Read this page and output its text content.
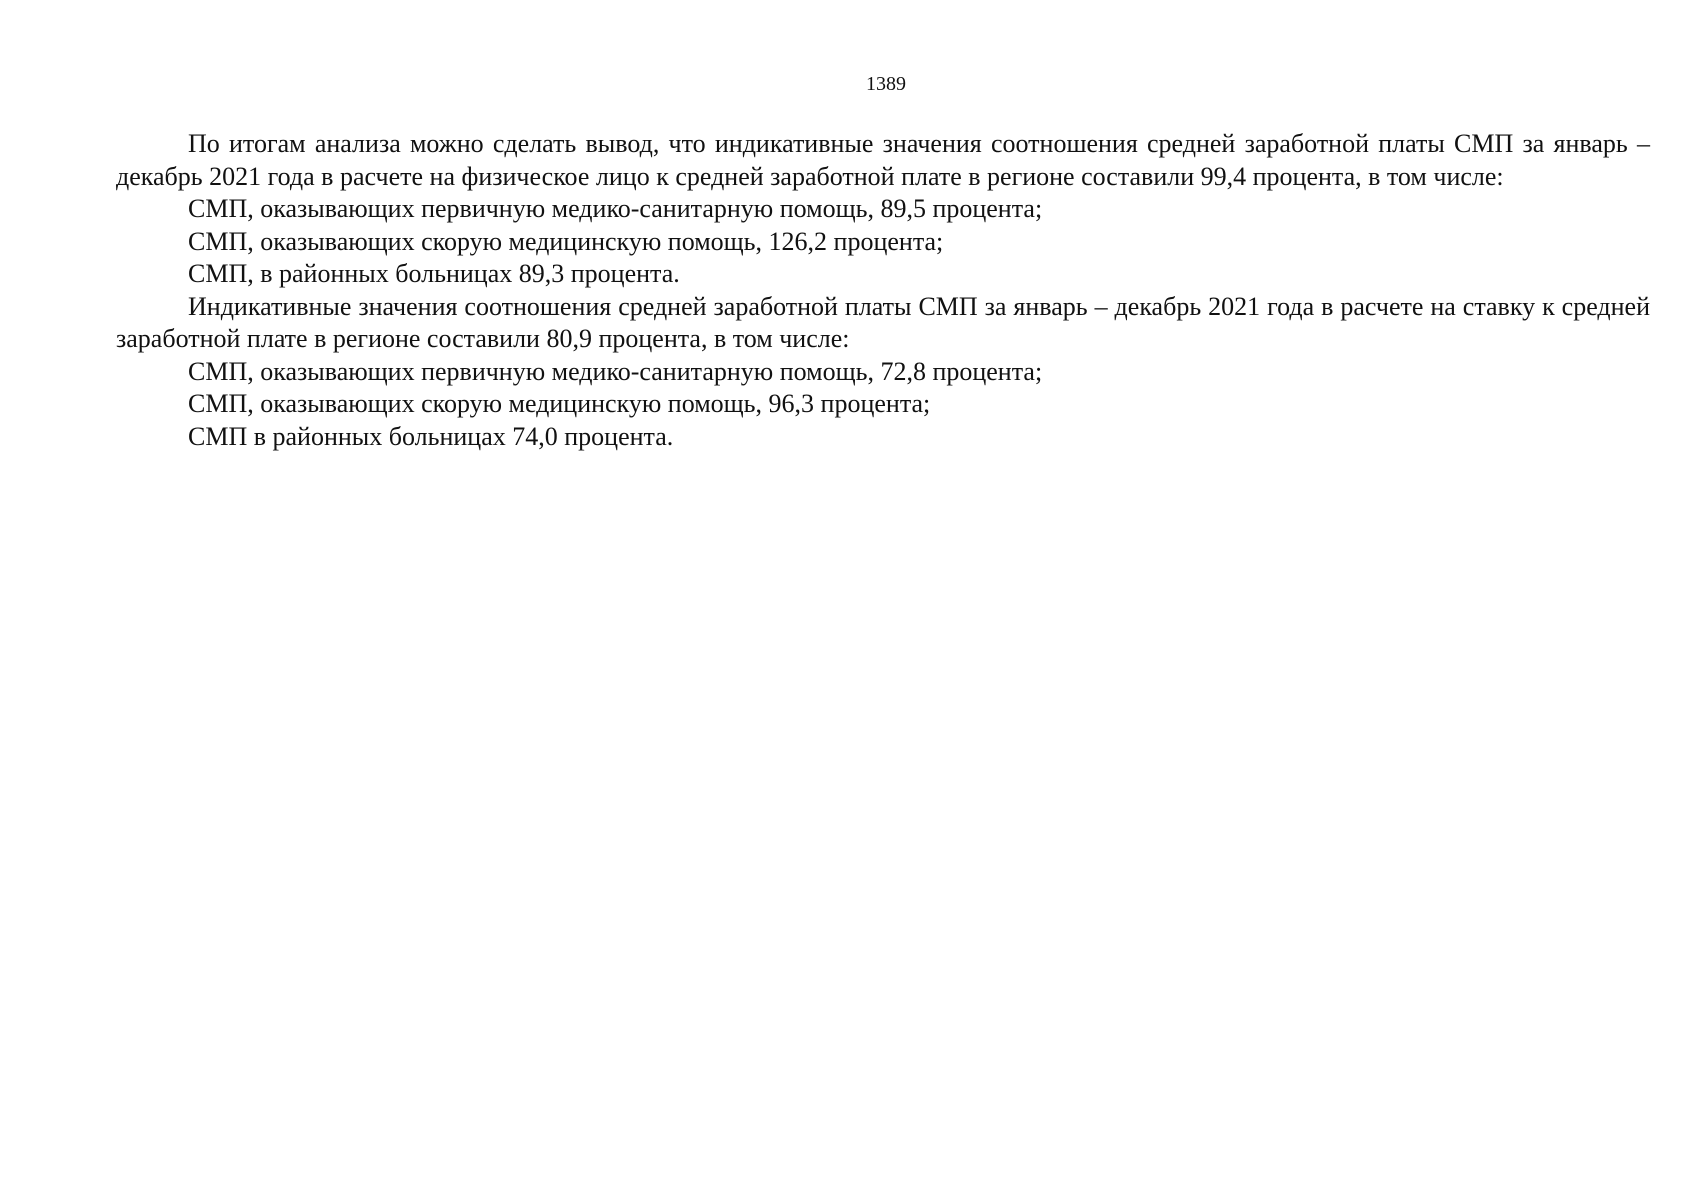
1389

По итогам анализа можно сделать вывод, что индикативные значения соотношения средней заработной платы СМП за январь – декабрь 2021 года в расчете на физическое лицо к средней заработной плате в регионе составили 99,4 процента, в том числе:

СМП, оказывающих первичную медико-санитарную помощь, 89,5 процента;

СМП, оказывающих скорую медицинскую помощь, 126,2 процента;

СМП, в районных больницах 89,3 процента.

Индикативные значения соотношения средней заработной платы СМП за январь – декабрь 2021 года в расчете на ставку к средней заработной плате в регионе составили 80,9 процента, в том числе:

СМП, оказывающих первичную медико-санитарную помощь, 72,8 процента;

СМП, оказывающих скорую медицинскую помощь, 96,3 процента;

СМП в районных больницах 74,0 процента.
